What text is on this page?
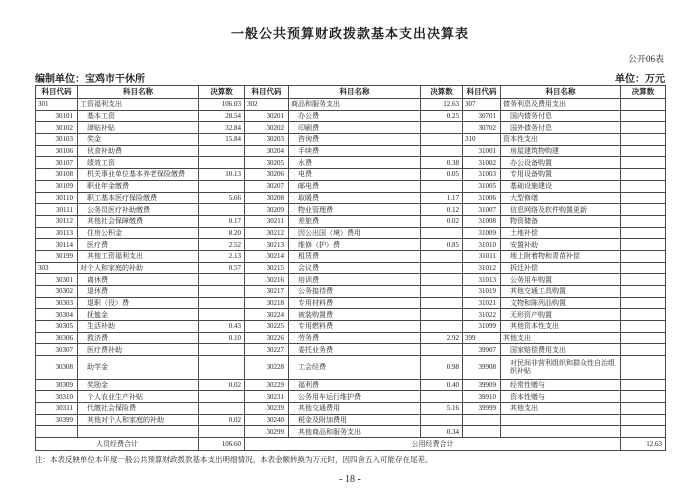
一般公共预算财政拨款基本支出决算表
公开06表
编制单位：宝鸡市干休所	单位：万元
科目代码	科目名称	决算数	科目代码	科目名称	决算数	科目代码	科目名称	决算数
301	工资福利支出	106.03	302	商品和服务支出	12.63	307	债务利息及费用支出	
30101	基本工资	28.54	30201	办公费	0.25	30701	国内债务付息	
30102	津贴补贴	32.84	30202	印刷费		30702	国外债务付息	
30103	奖金	15.84	30203	咨询费		310	资本性支出	
30106	伙食补助费		30204	手续费		31001	房屋建筑物购建	
30107	绩效工资		30205	水费	0.38	31002	办公设备购置	
30108	机关事业单位基本养老保险缴费	10.13	30206	电费	0.05	31003	专用设备购置	
30109	职业年金缴费		30207	邮电费		31005	基础设施建设	
30110	职工基本医疗保险缴费	5.66	30208	取暖费	1.17	31006	大型修缮	
30111	公务员医疗补助缴费		30209	物业管理费	0.12	31007	信息网络及软件购置更新	
30112	其他社会保障缴费	0.17	30211	差旅费	0.02	31008	物资储备	
30113	住房公积金	8.20	30212	因公出国（境）费用		31009	土地补偿	
30114	医疗费	2.52	30213	维修（护）费	0.85	31010	安置补助	
30199	其他工资福利支出	2.13	30214	租赁费		31011	地上附着物和青苗补偿	
303	对个人和家庭的补助	0.57	30215	会议费		31012	拆迁补偿	
30301	离休费		30216	培训费		31013	公务用车购置	
30302	退休费		30217	公务接待费		31019	其他交通工具购置	
30303	退职（役）费		30218	专用材料费		31021	文物和陈列品购置	
30304	抚恤金		30224	被装购置费		31022	无形资产购置	
30305	生活补助	0.43	30225	专用燃料费		31099	其他资本性支出	
30306	救济费	0.10	30226	劳务费	2.92	399	其他支出	
30307	医疗费补助		30227	委托业务费		39907	国家赔偿费用支出	
30308	助学金		30228	工会经费	0.98	39908	对民间非营利组织和群众性自治组织补贴	
30309	奖励金	0.02	30229	福利费	0.40	39909	经常性赠与	
30310	个人农业生产补贴		30231	公务用车运行维护费		39910	资本性赠与	
30311	代缴社会保险费		30239	其他交通费用	5.16	39999	其他支出	
30399	其他对个人和家庭的补助	0.02	30240	税金及附加费用				
			30299	其他商品和服务支出	0.34			
人员经费合计		106.60	公用经费合计					12.63
注：本表反映单位本年度一般公共预算财政拨款基本支出明细情况。本表金额转换为万元时，因四舍五入可能存在尾差。
- 18 -
